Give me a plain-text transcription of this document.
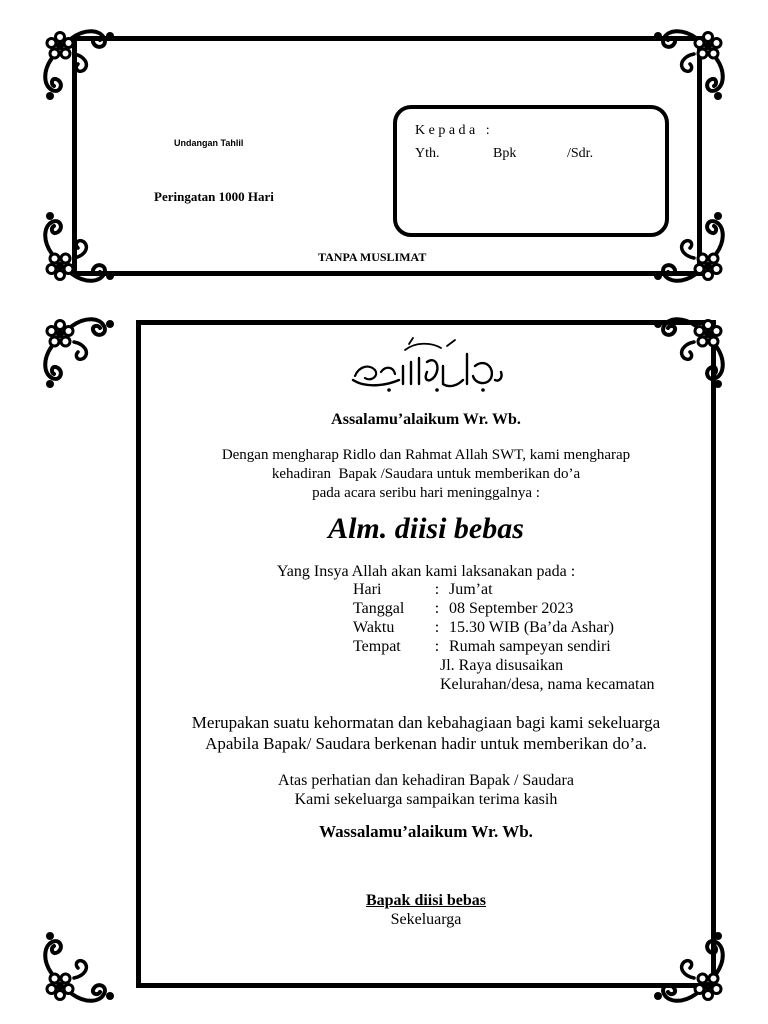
Undangan Tahlil
Peringatan 1000 Hari
TANPA MUSLIMAT
K e p a d a   :
Yth.	Bpk	/Sdr.
Assalamu’alaikum Wr. Wb.
Dengan mengharap Ridlo dan Rahmat Allah SWT, kami mengharap
kehadiran  Bapak /Saudara untuk memberikan do’a
pada acara seribu hari meninggalnya :
Alm. diisi bebas
Yang Insya Allah akan kami laksanakan pada :
Hari	: Jum’at
Tanggal : 08 September 2023
Waktu	: 15.30 WIB (Ba’da Ashar)
Tempat : Rumah sampeyan sendiri
Jl. Raya disusaikan
Kelurahan/desa, nama kecamatan
Merupakan suatu kehormatan dan kebahagiaan bagi kami sekeluarga
Apabila Bapak/ Saudara berkenan hadir untuk memberikan do’a.
Atas perhatian dan kehadiran Bapak / Saudara
Kami sekeluarga sampaikan terima kasih
Wassalamu’alaikum Wr. Wb.
Bapak diisi bebas
Sekeluarga
